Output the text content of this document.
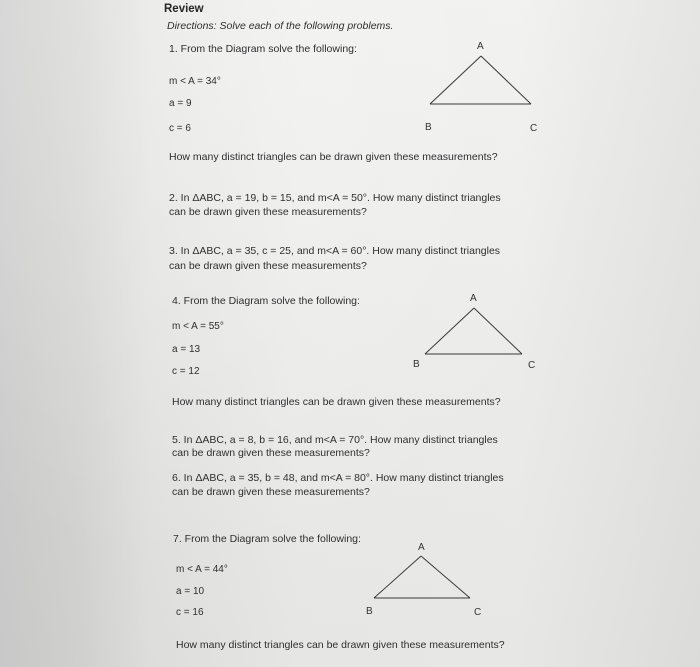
Review
Directions: Solve each of the following problems.
1. From the Diagram solve the following:
m < A = 34°
a = 9
c = 6
A
B	C
How many distinct triangles can be drawn given these measurements?
2. In ΔABC, a = 19, b = 15, and m<A = 50°. How many distinct triangles
can be drawn given these measurements?
3. In ΔABC, a = 35, c = 25, and m<A = 60°. How many distinct triangles
can be drawn given these measurements?
4. From the Diagram solve the following:
m < A = 55°
a = 13
c = 12
A
B	C
How many distinct triangles can be drawn given these measurements?
5. In ΔABC, a = 8, b = 16, and m<A = 70°. How many distinct triangles
can be drawn given these measurements?
6. In ΔABC, a = 35, b = 48, and m<A = 80°. How many distinct triangles
can be drawn given these measurements?
7. From the Diagram solve the following:
m < A = 44°
a = 10
c = 16
A
B	C
How many distinct triangles can be drawn given these measurements?
